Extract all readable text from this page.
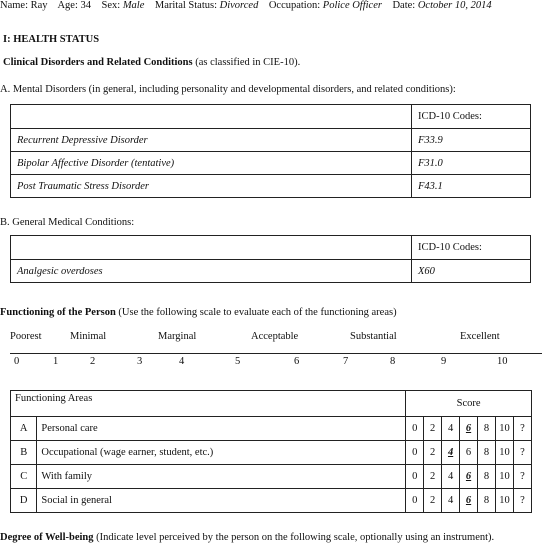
Name: Ray Age: 34 Sex: Male Marital Status: Divorced Occupation: Police Officer Date: October 10, 2014
I: HEALTH STATUS
Clinical Disorders and Related Conditions (as classified in CIE-10).
A. Mental Disorders (in general, including personality and developmental disorders, and related conditions):
	ICD-10 Codes:
Recurrent Depressive Disorder	F33.9
Bipolar Affective Disorder (tentative)	F31.0
Post Traumatic Stress Disorder	F43.1
B. General Medical Conditions:
	ICD-10 Codes:
Analgesic overdoses	X60
Functioning of the Person (Use the following scale to evaluate each of the functioning areas)
Poorest	Minimal	Marginal	Acceptable	Substantial	Excellent
0	1	2	3	4	5	6	7	8	9	10
Functioning Areas		Score						
A	Personal care	0	2	4	6	8	10	?
B	Occupational (wage earner, student, etc.)	0	2	4	6	8	10	?
C	With family	0	2	4	6	8	10	?
D	Social in general	0	2	4	6	8	10	?
Degree of Well-being (Indicate level perceived by the person on the following scale, optionally using an instrument).
